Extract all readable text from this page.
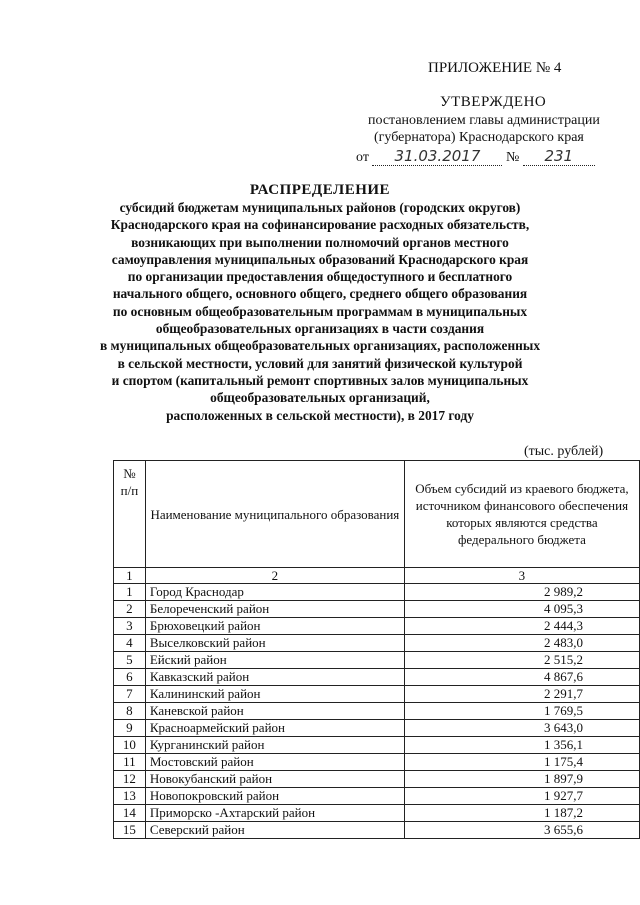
ПРИЛОЖЕНИЕ № 4
УТВЕРЖДЕНО
постановлением главы администрации
(губернатора) Краснодарского края
от 31.03.2017 № 231
РАСПРЕДЕЛЕНИЕ
субсидий бюджетам муниципальных районов (городских округов)
Краснодарского края на софинансирование расходных обязательств,
возникающих при выполнении полномочий органов местного
самоуправления муниципальных образований Краснодарского края
по организации предоставления общедоступного и бесплатного
начального общего, основного общего, среднего общего образования
по основным общеобразовательным программам в муниципальных
общеобразовательных организациях в части создания
в муниципальных общеобразовательных организациях, расположенных
в сельской местности, условий для занятий физической культурой
и спортом (капитальный ремонт спортивных залов муниципальных
общеобразовательных организаций,
расположенных в сельской местности), в 2017 году
(тыс. рублей)
№
п/п	Наименование муниципального образования	Объем субсидий из краевого бюджета, источником финансового обеспечения которых являются средства федерального бюджета
1	2	3
1	Город Краснодар	2 989,2
2	Белореченский район	4 095,3
3	Брюховецкий район	2 444,3
4	Выселковский район	2 483,0
5	Ейский район	2 515,2
6	Кавказский район	4 867,6
7	Калининский район	2 291,7
8	Каневской район	1 769,5
9	Красноармейский район	3 643,0
10	Курганинский район	1 356,1
11	Мостовский район	1 175,4
12	Новокубанский район	1 897,9
13	Новопокровский район	1 927,7
14	Приморско -Ахтарский район	1 187,2
15	Северский район	3 655,6
